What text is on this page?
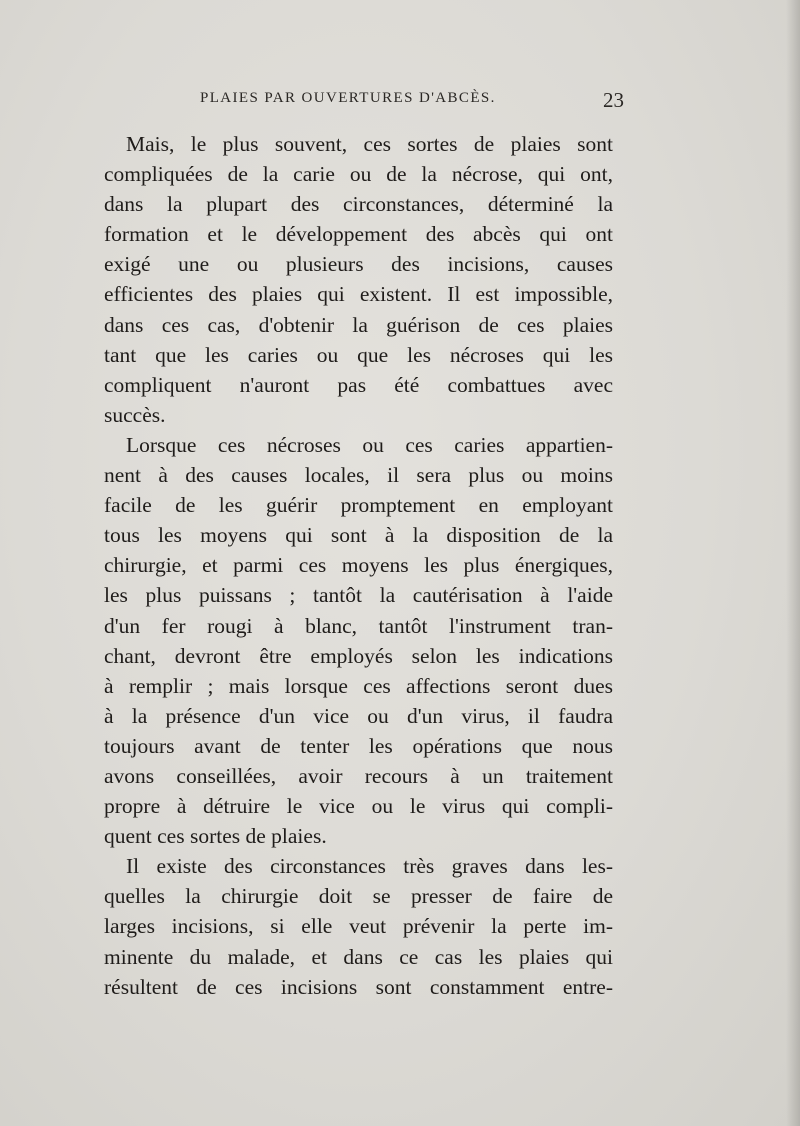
PLAIES PAR OUVERTURES D'ABCÈS.	23
Mais, le plus souvent, ces sortes de plaies sont
compliquées de la carie ou de la nécrose, qui ont,
dans la plupart des circonstances, déterminé la
formation et le développement des abcès qui ont
exigé une ou plusieurs des incisions, causes
efficientes des plaies qui existent. Il est impossible,
dans ces cas, d'obtenir la guérison de ces plaies
tant que les caries ou que les nécroses qui les
compliquent n'auront pas été combattues avec
succès.
Lorsque ces nécroses ou ces caries appartien-
nent à des causes locales, il sera plus ou moins
facile de les guérir promptement en employant
tous les moyens qui sont à la disposition de la
chirurgie, et parmi ces moyens les plus énergiques,
les plus puissans ; tantôt la cautérisation à l'aide
d'un fer rougi à blanc, tantôt l'instrument tran-
chant, devront être employés selon les indications
à remplir ; mais lorsque ces affections seront dues
à la présence d'un vice ou d'un virus, il faudra
toujours avant de tenter les opérations que nous
avons conseillées, avoir recours à un traitement
propre à détruire le vice ou le virus qui compli-
quent ces sortes de plaies.
Il existe des circonstances très graves dans les-
quelles la chirurgie doit se presser de faire de
larges incisions, si elle veut prévenir la perte im-
minente du malade, et dans ce cas les plaies qui
résultent de ces incisions sont constamment entre-
